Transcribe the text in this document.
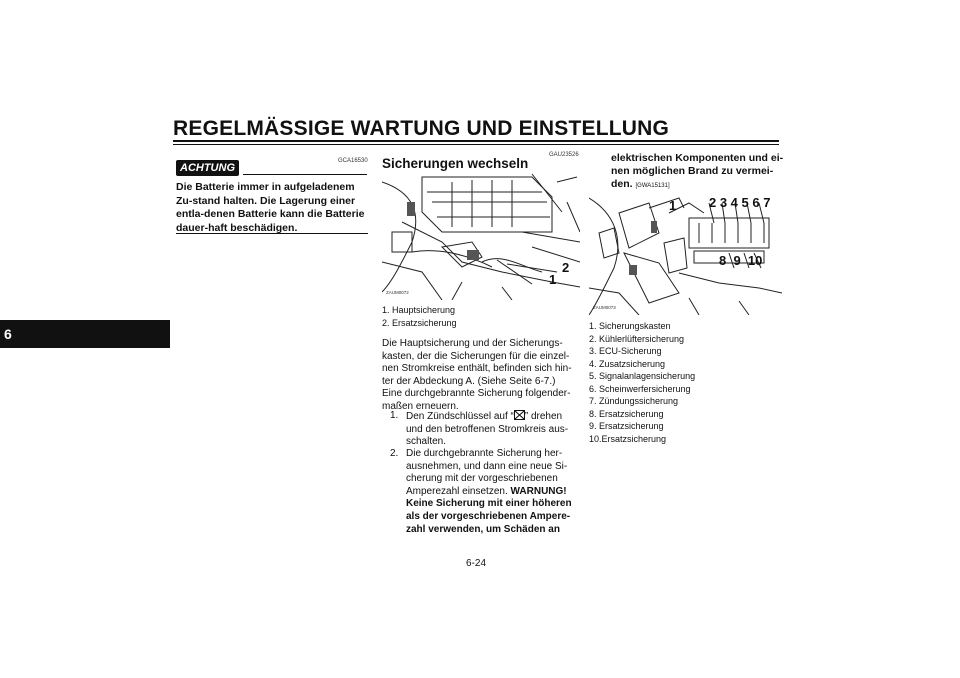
REGELMÄSSIGE WARTUNG UND EINSTELLUNG
6
GCA16530
ACHTUNG
Die Batterie immer in aufgeladenem Zu-stand halten. Die Lagerung einer entla-denen Batterie kann die Batterie dauer-haft beschädigen.
GAU23526
Sicherungen wechseln
1
2
ZAUM0072
1. Hauptsicherung
2. Ersatzsicherung
Die Hauptsicherung und der Sicherungs-kasten, der die Sicherungen für die einzel-nen Stromkreise enthält, befinden sich hin-ter der Abdeckung A. (Siehe Seite 6-7.) Eine durchgebrannte Sicherung folgender-maßen erneuern.
1. Den Zündschlüssel auf “ ” drehen und den betroffenen Stromkreis aus-schalten.
2. Die durchgebrannte Sicherung her-ausnehmen, und dann eine neue Si-cherung mit der vorgeschriebenen Amperezahl einsetzen. WARNUNG! Keine Sicherung mit einer höheren als der vorgeschriebenen Ampere-zahl verwenden, um Schäden an
elektrischen Komponenten und ei-nen möglichen Brand zu vermei-den. [GWA15131]
1	2 3 4 5 6 7
8  9  10
ZAUM0073
1. Sicherungskasten
2. Kühlerlüftersicherung
3. ECU-Sicherung
4. Zusatzsicherung
5. Signalanlagensicherung
6. Scheinwerfersicherung
7. Zündungssicherung
8. Ersatzsicherung
9. Ersatzsicherung
10.Ersatzsicherung
6-24
